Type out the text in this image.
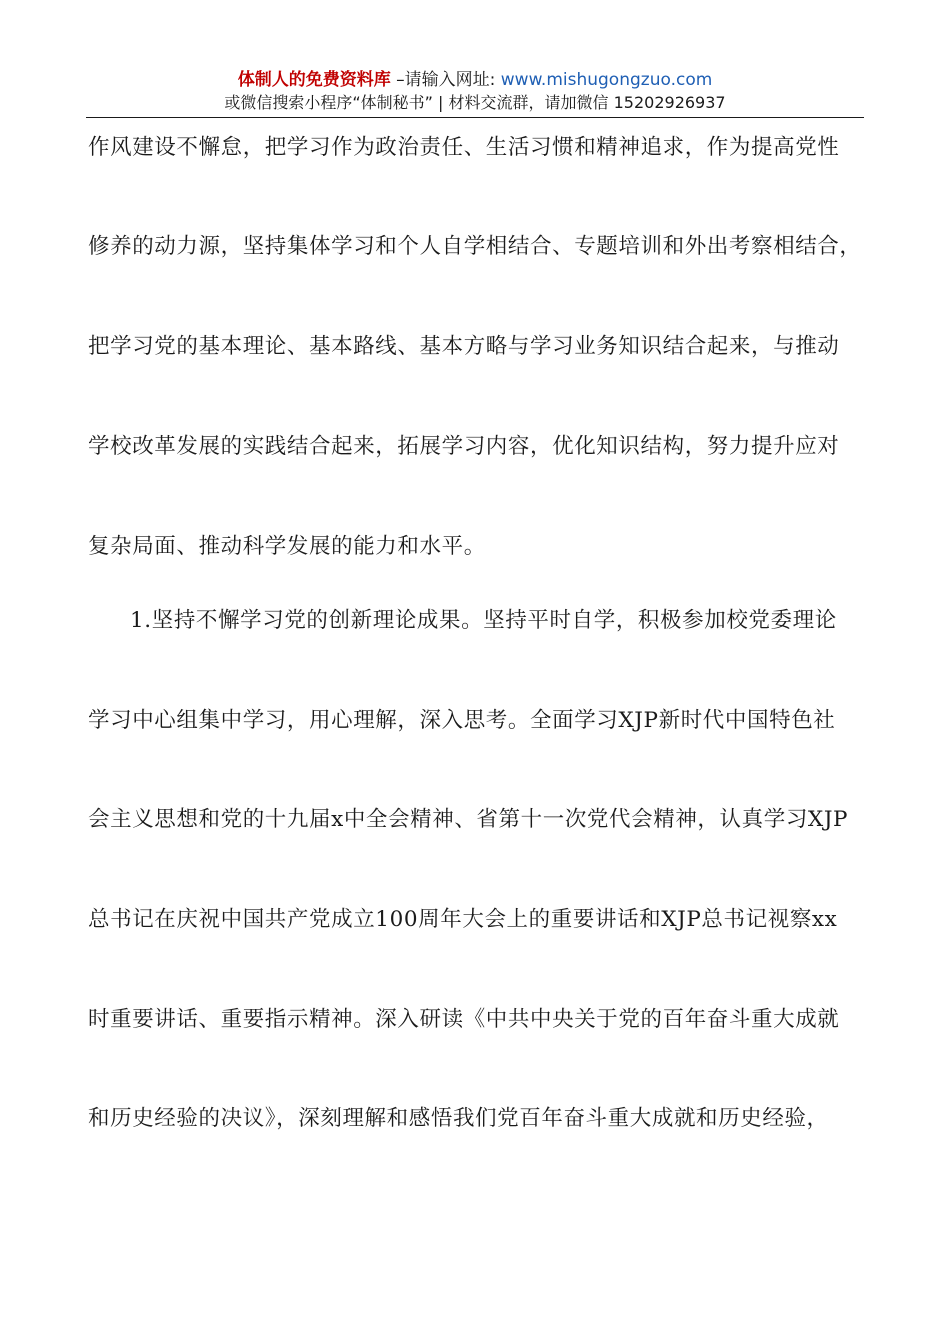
体制人的免费资料库 –请输入网址: www.mishugongzuo.com
或微信搜索小程序“体制秘书” | 材料交流群，请加微信 15202926937
作风建设不懈怠，把学习作为政治责任、生活习惯和精神追求，作为提高党性
修养的动力源，坚持集体学习和个人自学相结合、专题培训和外出考察相结合，
把学习党的基本理论、基本路线、基本方略与学习业务知识结合起来，与推动
学校改革发展的实践结合起来，拓展学习内容，优化知识结构，努力提升应对
复杂局面、推动科学发展的能力和水平。
1.坚持不懈学习党的创新理论成果。坚持平时自学，积极参加校党委理论
学习中心组集中学习，用心理解，深入思考。全面学习XJP新时代中国特色社
会主义思想和党的十九届x中全会精神、省第十一次党代会精神，认真学习XJP
总书记在庆祝中国共产党成立100周年大会上的重要讲话和XJP总书记视察xx
时重要讲话、重要指示精神。深入研读《中共中央关于党的百年奋斗重大成就
和历史经验的决议》，深刻理解和感悟我们党百年奋斗重大成就和历史经验，
